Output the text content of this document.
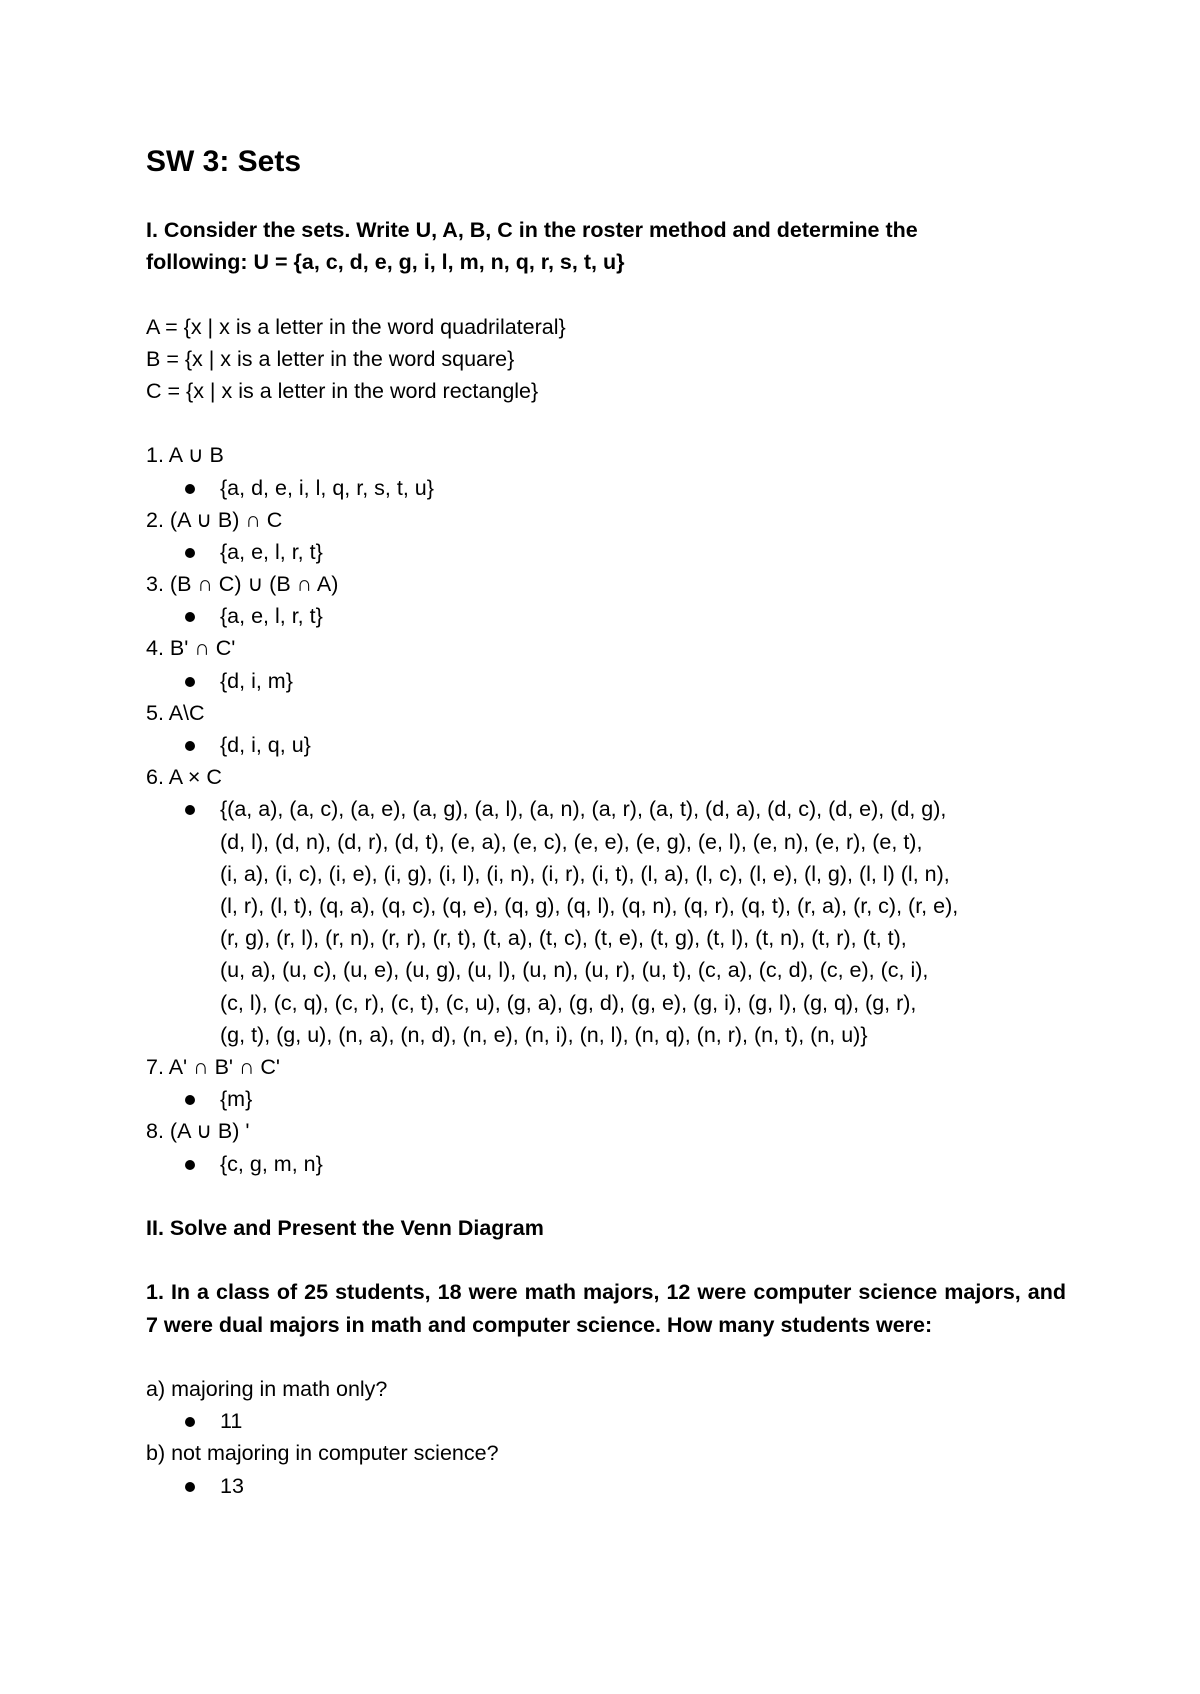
SW 3: Sets
I. Consider the sets. Write U, A, B, C in the roster method and determine the
following: U = {a, c, d, e, g, i, l, m, n, q, r, s, t, u}
A = {x | x is a letter in the word quadrilateral}
B = {x | x is a letter in the word square}
C = {x | x is a letter in the word rectangle}
1. A ∪ B
{a, d, e, i, l, q, r, s, t, u}
2. (A ∪ B) ∩ C
{a, e, l, r, t}
3. (B ∩ C) ∪ (B ∩ A)
{a, e, l, r, t}
4. B' ∩ C'
{d, i, m}
5. A\C
{d, i, q, u}
6. A × C
{(a, a), (a, c), (a, e), (a, g), (a, l), (a, n), (a, r), (a, t), (d, a), (d, c), (d, e), (d, g),
(d, l), (d, n), (d, r), (d, t), (e, a), (e, c), (e, e), (e, g), (e, l), (e, n), (e, r), (e, t),
(i, a), (i, c), (i, e), (i, g), (i, l), (i, n), (i, r), (i, t), (l, a), (l, c), (l, e), (l, g), (l, l) (l, n),
(l, r), (l, t), (q, a), (q, c), (q, e), (q, g), (q, l), (q, n), (q, r), (q, t), (r, a), (r, c), (r, e),
(r, g), (r, l), (r, n), (r, r), (r, t), (t, a), (t, c), (t, e), (t, g), (t, l), (t, n), (t, r), (t, t),
(u, a), (u, c), (u, e), (u, g), (u, l), (u, n), (u, r), (u, t), (c, a), (c, d), (c, e), (c, i),
(c, l), (c, q), (c, r), (c, t), (c, u), (g, a), (g, d), (g, e), (g, i), (g, l), (g, q), (g, r),
(g, t), (g, u), (n, a), (n, d), (n, e), (n, i), (n, l), (n, q), (n, r), (n, t), (n, u)}
7. A' ∩ B' ∩ C'
{m}
8. (A ∪ B) '
{c, g, m, n}
II. Solve and Present the Venn Diagram

1. In a class of 25 students, 18 were math majors, 12 were computer science majors, and 7 were dual majors in math and computer science. How many students were:

a) majoring in math only?
11
b) not majoring in computer science?
13
